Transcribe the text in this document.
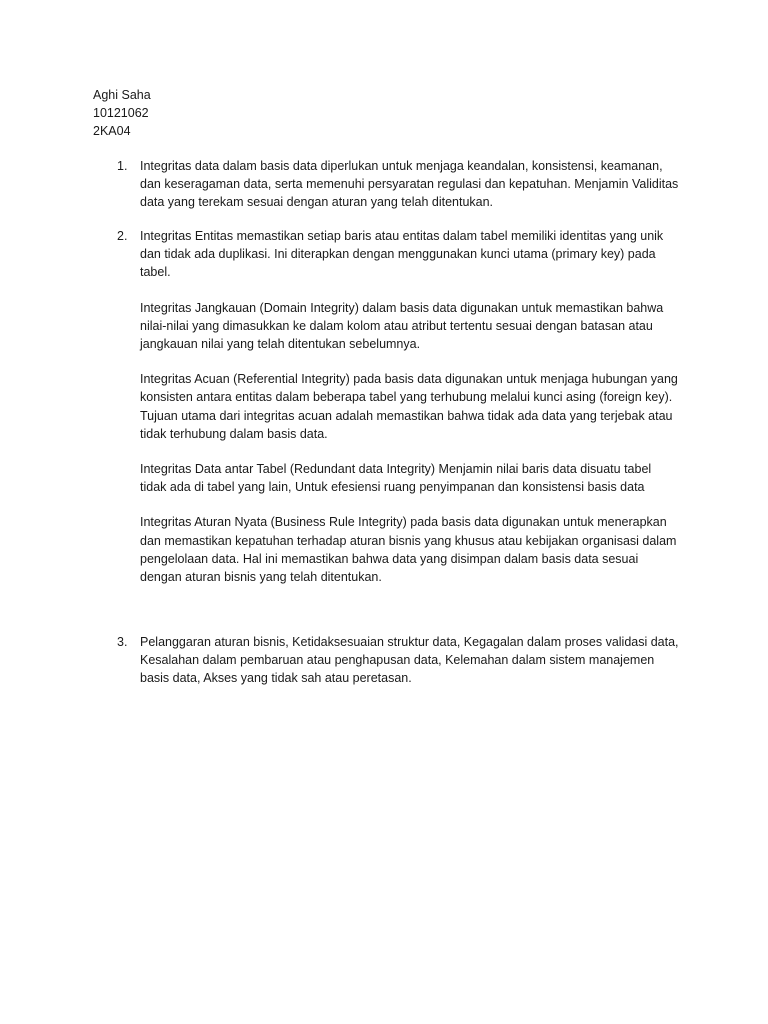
Aghi Saha
10121062
2KA04
1. Integritas data dalam basis data diperlukan untuk menjaga keandalan, konsistensi, keamanan, dan keseragaman data, serta memenuhi persyaratan regulasi dan kepatuhan. Menjamin Validitas data yang terekam sesuai dengan aturan yang telah ditentukan.

2. Integritas Entitas memastikan setiap baris atau entitas dalam tabel memiliki identitas yang unik dan tidak ada duplikasi. Ini diterapkan dengan menggunakan kunci utama (primary key) pada tabel.

Integritas Jangkauan (Domain Integrity) dalam basis data digunakan untuk memastikan bahwa nilai-nilai yang dimasukkan ke dalam kolom atau atribut tertentu sesuai dengan batasan atau jangkauan nilai yang telah ditentukan sebelumnya.

Integritas Acuan (Referential Integrity) pada basis data digunakan untuk menjaga hubungan yang konsisten antara entitas dalam beberapa tabel yang terhubung melalui kunci asing (foreign key). Tujuan utama dari integritas acuan adalah memastikan bahwa tidak ada data yang terjebak atau tidak terhubung dalam basis data.

Integritas Data antar Tabel (Redundant data Integrity) Menjamin nilai baris data disuatu tabel tidak ada di tabel yang lain, Untuk efesiensi ruang penyimpanan dan konsistensi basis data

Integritas Aturan Nyata (Business Rule Integrity) pada basis data digunakan untuk menerapkan dan memastikan kepatuhan terhadap aturan bisnis yang khusus atau kebijakan organisasi dalam pengelolaan data. Hal ini memastikan bahwa data yang disimpan dalam basis data sesuai dengan aturan bisnis yang telah ditentukan.

3. Pelanggaran aturan bisnis, Ketidaksesuaian struktur data, Kegagalan dalam proses validasi data, Kesalahan dalam pembaruan atau penghapusan data, Kelemahan dalam sistem manajemen basis data, Akses yang tidak sah atau peretasan.
